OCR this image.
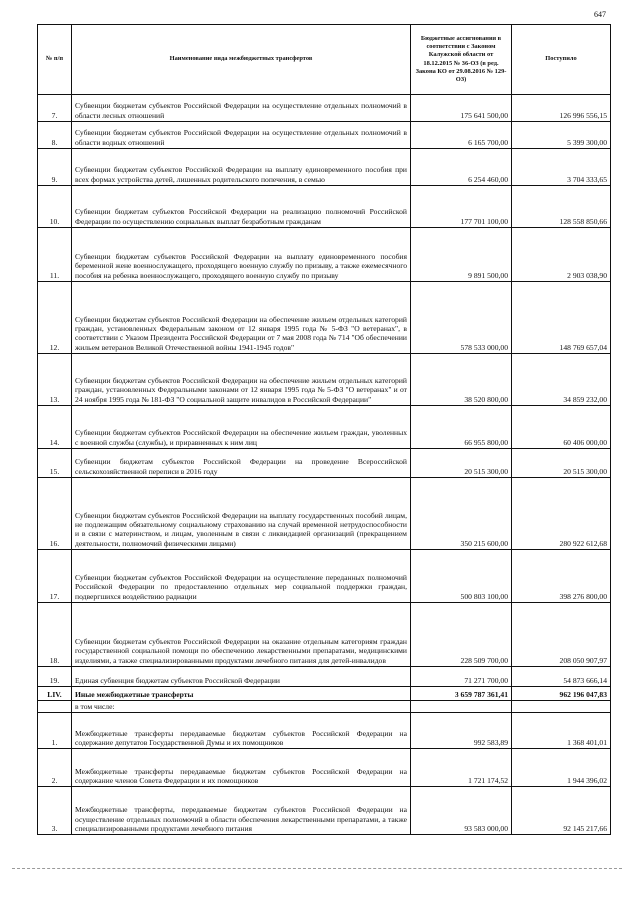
647
№ п/п	Наименование вида межбюджетных трансфертов	Бюджетные ассигнования в соответствии с Законом Калужской области от 18.12.2015 № 36-ОЗ (в ред. Закона КО от 29.08.2016 № 129-ОЗ)	Поступило
7.	Субвенции бюджетам субъектов Российской Федерации на осуществление отдельных полномочий в области лесных отношений	175 641 500,00	126 996 556,15
8.	Субвенции бюджетам субъектов Российской Федерации на осуществление отдельных полномочий в области водных отношений	6 165 700,00	5 399 300,00
9.	Субвенции бюджетам субъектов Российской Федерации на выплату единовременного пособия при всех формах устройства детей, лишенных родительского попечения, в семью	6 254 460,00	3 704 333,65
10.	Субвенции бюджетам субъектов Российской Федерации на реализацию полномочий Российской Федерации по осуществлению социальных выплат безработным гражданам	177 701 100,00	128 558 850,66
11.	Субвенции бюджетам субъектов Российской Федерации на выплату единовременного пособия беременной жене военнослужащего, проходящего военную службу по призыву, а также ежемесячного пособия на ребенка военнослужащего, проходящего военную службу по призыву	9 891 500,00	2 903 038,90
12.	Субвенции бюджетам субъектов Российской Федерации на обеспечение жильем отдельных категорий граждан, установленных Федеральным законом от 12 января 1995 года № 5-ФЗ "О ветеранах", в соответствии с Указом Президента Российской Федерации от 7 мая 2008 года № 714 "Об обеспечении жильем ветеранов Великой Отечественной войны 1941-1945 годов"	578 533 000,00	148 769 657,04
13.	Субвенции бюджетам субъектов Российской Федерации на обеспечение жильем отдельных категорий граждан, установленных Федеральными законами от 12 января 1995 года № 5-ФЗ "О ветеранах" и от 24 ноября 1995 года № 181-ФЗ "О социальной защите инвалидов в Российской Федерации"	38 520 800,00	34 859 232,00
14.	Субвенции бюджетам субъектов Российской Федерации на обеспечение жильем граждан, уволенных с военной службы (службы), и приравненных к ним лиц	66 955 800,00	60 406 000,00
15.	Субвенции бюджетам субъектов Российской Федерации на проведение Всероссийской сельскохозяйственной переписи в 2016 году	20 515 300,00	20 515 300,00
16.	Субвенции бюджетам субъектов Российской Федерации на выплату государственных пособий лицам, не подлежащим обязательному социальному страхованию на случай временной нетрудоспособности и в связи с материнством, и лицам, уволенным в связи с ликвидацией организаций (прекращением деятельности, полномочий физическими лицами)	350 215 600,00	280 922 612,68
17.	Субвенции бюджетам субъектов Российской Федерации на осуществление переданных полномочий Российской Федерации по предоставлению отдельных мер социальной поддержки граждан, подвергшихся воздействию радиации	500 803 100,00	398 276 800,00
18.	Субвенции бюджетам субъектов Российской Федерации на оказание отдельным категориям граждан государственной социальной помощи по обеспечению лекарственными препаратами, медицинскими изделиями, а также специализированными продуктами лечебного питания для детей-инвалидов	228 509 700,00	208 050 907,97
19.	Единая субвенция бюджетам субъектов Российской Федерации	71 271 700,00	54 873 666,14
LIV.	Иные межбюджетные трансферты	3 659 787 361,41	962 196 047,83
	в том числе:		
1.	Межбюджетные трансферты передаваемые бюджетам субъектов Российской Федерации на содержание депутатов Государственной Думы и их помощников	992 583,89	1 368 401,01
2.	Межбюджетные трансферты передаваемые бюджетам субъектов Российской Федерации на содержание членов Совета Федерации и их помощников	1 721 174,52	1 944 396,02
3.	Межбюджетные трансферты, передаваемые бюджетам субъектов Российской Федерации на осуществление отдельных полномочий в области обеспечения лекарственными препаратами, а также специализированными продуктами лечебного питания	93 583 000,00	92 145 217,66
